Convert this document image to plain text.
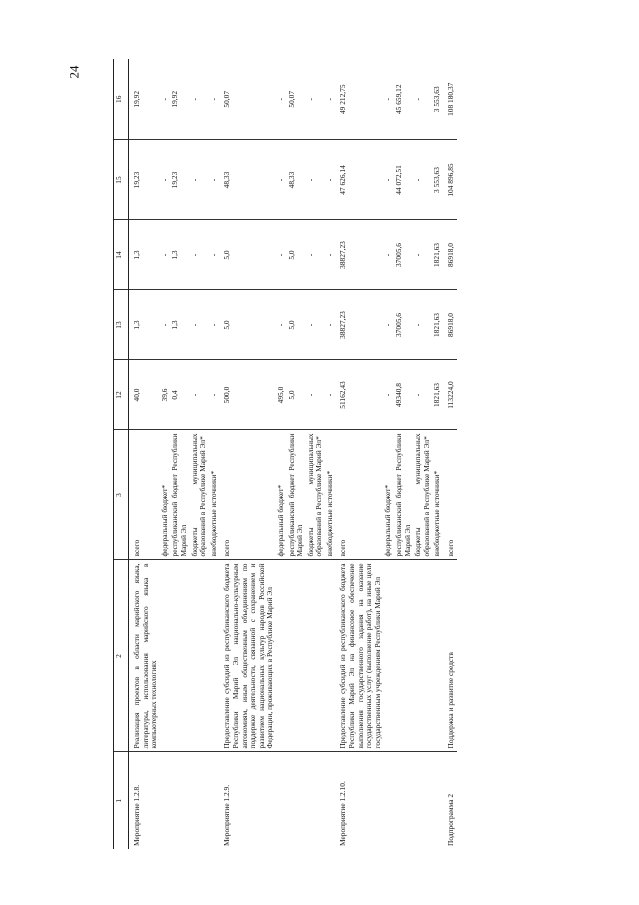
24
1	2	3	12	13	14	15	16
Мероприятие 1.2.8.	Реализация проектов в области марийского языка, литературы, использования марийского языка в компьютерных технологиях	всего	40,0	1,3	1,3	19,23	19,92
		федеральный бюджет*	39,6	-	-	-	-
		республиканский бюджет Республики Марий Эл	0,4	1,3	1,3	19,23	19,92
		бюджеты муниципальных образований в Республике Марий Эл*	-	-	-	-	-
		внебюджетные источники*	-	-	-	-	-
Мероприятие 1.2.9.	Предоставление субсидий из республиканского бюджета Республики Марий Эл национально-культурным автономиям, иным общественным объединениям по поддержке деятельности, связанной с сохранением и развитием национальных культур народов Российской Федерации, проживающих в Республике Марий Эл	всего	500,0	5,0	5,0	48,33	50,07
		федеральный бюджет*	495,0	-	-	-	-
		республиканский бюджет Республики Марий Эл	5,0	5,0	5,0	48,33	50,07
		бюджеты муниципальных образований в Республике Марий Эл*	-	-	-	-	-
		внебюджетные источники*	-	-	-	-	-
Мероприятие 1.2.10.	Предоставление субсидий из республиканского бюджета Республики Марий Эл на финансовое обеспечение выполнения государственного задания на оказание государственных услуг (выполнение работ), на иные цели государственным учреждениям Республики Марий Эл	всего	51162,43	38827,23	38827,23	47 626,14	49 212,75
		федеральный бюджет*	-	-	-	-	-
		республиканский бюджет Республики Марий Эл	49340,8	37005,6	37005,6	44 072,51	45 659,12
		бюджеты муниципальных образований в Республике Марий Эл*	-	-	-	-	-
		внебюджетные источники*	1821,63	1821,63	1821,63	3 553,63	3 553,63
Подпрограмма 2	Поддержка и развитие средств	всего	113224,0	86918,0	86918,0	104 896,85	108 180,37
